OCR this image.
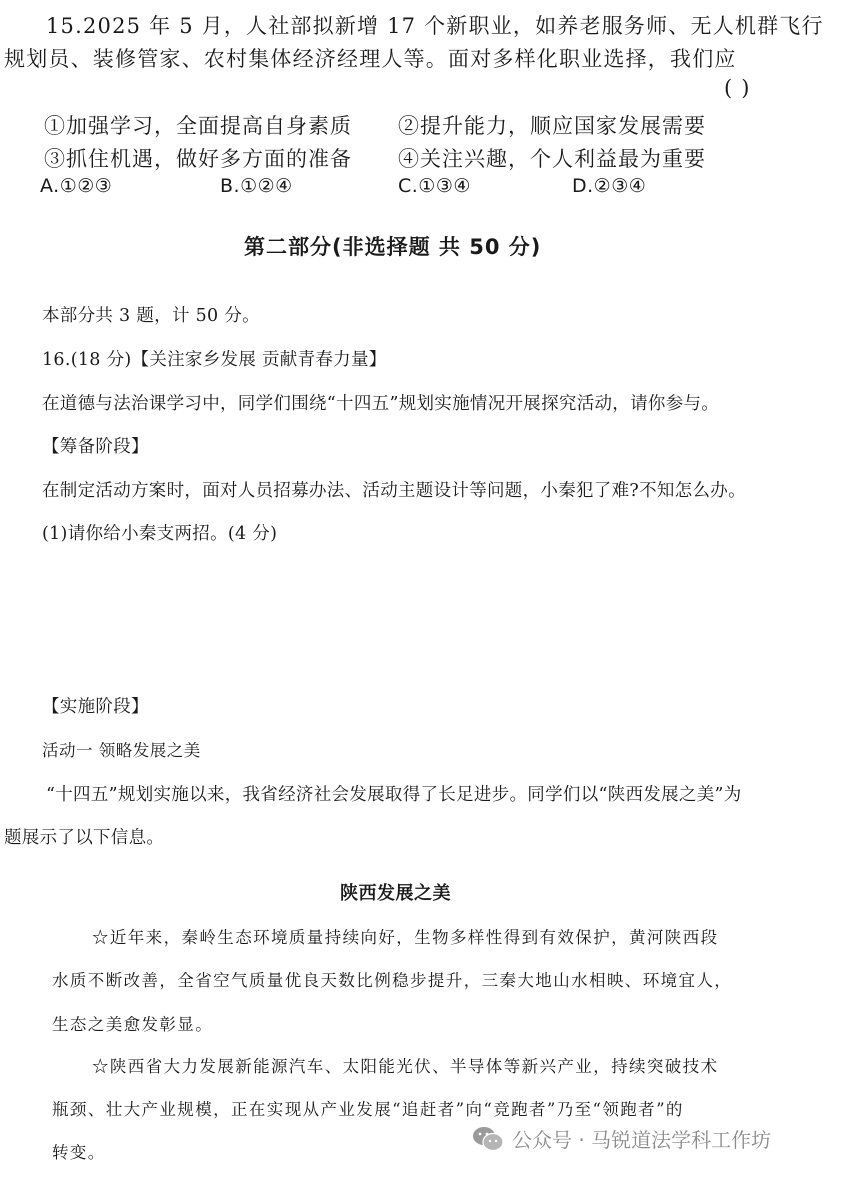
15.2025 年 5 月，人社部拟新增 17 个新职业，如养老服务师、无人机群飞行

规划员、装修管家、农村集体经济经理人等。面对多样化职业选择，我们应

( )

①加强学习，全面提高自身素质 ②提升能力，顺应国家发展需要

③抓住机遇，做好多方面的准备 ④关注兴趣，个人利益最为重要

A.①②③	B.①②④	C.①③④	D.②③④

第二部分(非选择题 共 50 分)

本部分共 3 题，计 50 分。

16.(18 分)【关注家乡发展 贡献青春力量】

在道德与法治课学习中，同学们围绕“十四五”规划实施情况开展探究活动，请你参与。

【筹备阶段】

在制定活动方案时，面对人员招募办法、活动主题设计等问题，小秦犯了难?不知怎么办。

(1)请你给小秦支两招。(4 分)

【实施阶段】

活动一 领略发展之美

“十四五”规划实施以来，我省经济社会发展取得了长足进步。同学们以“陕西发展之美”为

题展示了以下信息。

陕西发展之美

☆近年来，秦岭生态环境质量持续向好，生物多样性得到有效保护，黄河陕西段

水质不断改善，全省空气质量优良天数比例稳步提升，三秦大地山水相映、环境宜人，

生态之美愈发彰显。

☆陕西省大力发展新能源汽车、太阳能光伏、半导体等新兴产业，持续突破技术

瓶颈、壮大产业规模，正在实现从产业发展“追赶者”向“竞跑者”乃至“领跑者”的

转变。

公众号 · 马锐道法学科工作坊
